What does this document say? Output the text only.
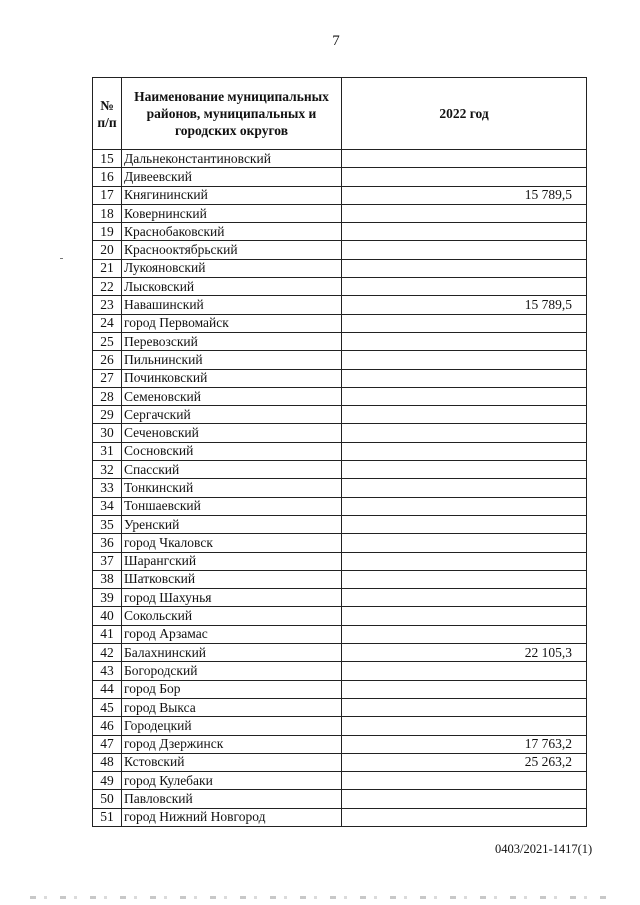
7
№ п/п	Наименование муниципальных районов, муниципальных и городских округов	2022 год
15	Дальнеконстантиновский	
16	Дивеевский	
17	Княгининский	15 789,5
18	Ковернинский	
19	Краснобаковский	
20	Краснооктябрьский	
21	Лукояновский	
22	Лысковский	
23	Навашинский	15 789,5
24	город Первомайск	
25	Перевозский	
26	Пильнинский	
27	Починковский	
28	Семеновский	
29	Сергачский	
30	Сеченовский	
31	Сосновский	
32	Спасский	
33	Тонкинский	
34	Тоншаевский	
35	Уренский	
36	город Чкаловск	
37	Шарангский	
38	Шатковский	
39	город Шахунья	
40	Сокольский	
41	город Арзамас	
42	Балахнинский	22 105,3
43	Богородский	
44	город Бор	
45	город Выкса	
46	Городецкий	
47	город Дзержинск	17 763,2
48	Кстовский	25 263,2
49	город Кулебаки	
50	Павловский	
51	город Нижний Новгород	
0403/2021-1417(1)
